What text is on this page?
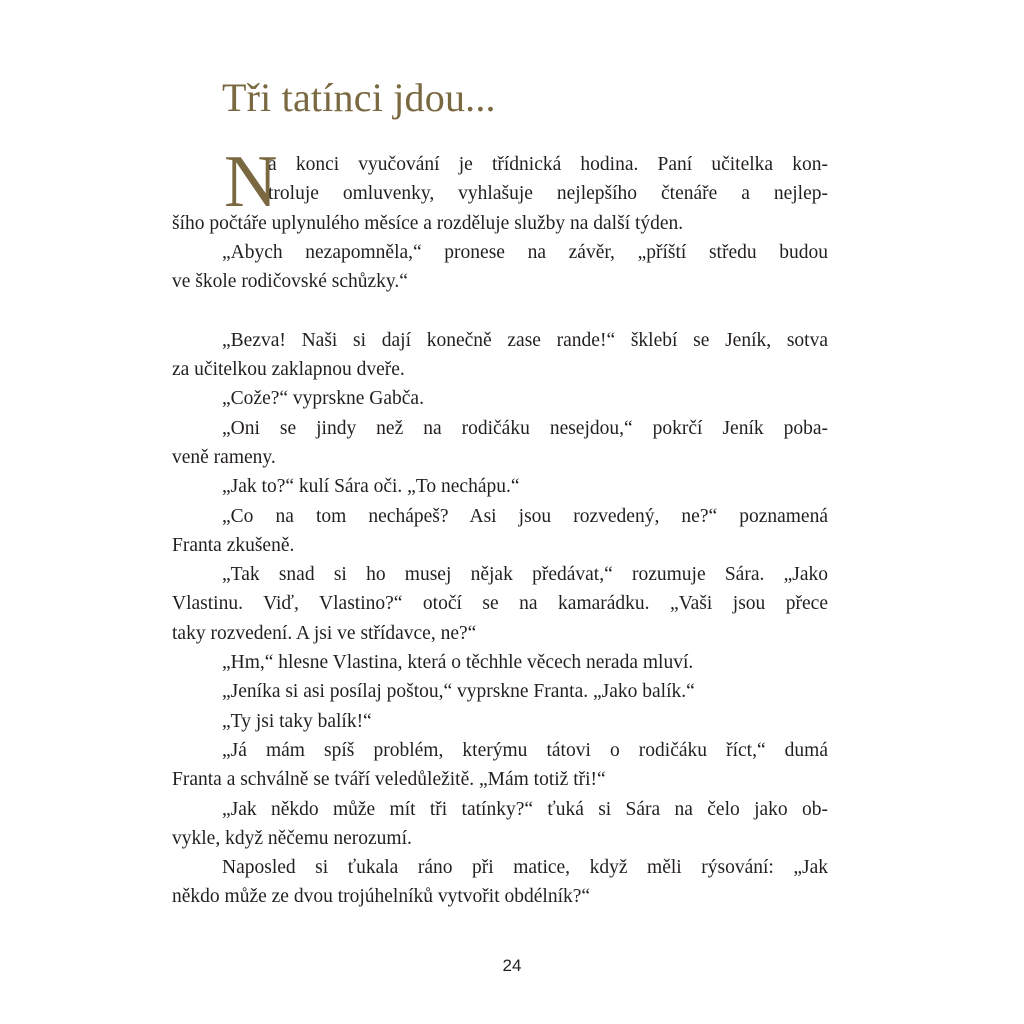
Tři tatínci jdou...
N
a konci vyučování je třídnická hodina. Paní učitelka kon-
troluje omluvenky, vyhlašuje nejlepšího čtenáře a nejlep-
šího počtáře uplynulého měsíce a rozděluje služby na další týden.
„Abych nezapomněla,“ pronese na závěr, „příští středu budou
ve škole rodičovské schůzky.“
„Bezva! Naši si dají konečně zase rande!“ šklebí se Jeník, sotva
za učitelkou zaklapnou dveře.
„Cože?“ vyprskne Gabča.
„Oni se jindy než na rodičáku nesejdou,“ pokrčí Jeník poba-
veně rameny.
„Jak to?“ kulí Sára oči. „To nechápu.“
„Co na tom nechápeš? Asi jsou rozvedený, ne?“ poznamená
Franta zkušeně.
„Tak snad si ho musej nějak předávat,“ rozumuje Sára. „Jako
Vlastinu. Viď, Vlastino?“ otočí se na kamarádku. „Vaši jsou přece
taky rozvedení. A jsi ve střídavce, ne?“
„Hm,“ hlesne Vlastina, která o těchhle věcech nerada mluví.
„Jeníka si asi posílaj poštou,“ vyprskne Franta. „Jako balík.“
„Ty jsi taky balík!“
„Já mám spíš problém, kterýmu tátovi o rodičáku říct,“ dumá
Franta a schválně se tváří veledůležitě. „Mám totiž tři!“
„Jak někdo může mít tři tatínky?“ ťuká si Sára na čelo jako ob-
vykle, když něčemu nerozumí.
Naposled si ťukala ráno při matice, když měli rýsování: „Jak
někdo může ze dvou trojúhelníků vytvořit obdélník?“
24
